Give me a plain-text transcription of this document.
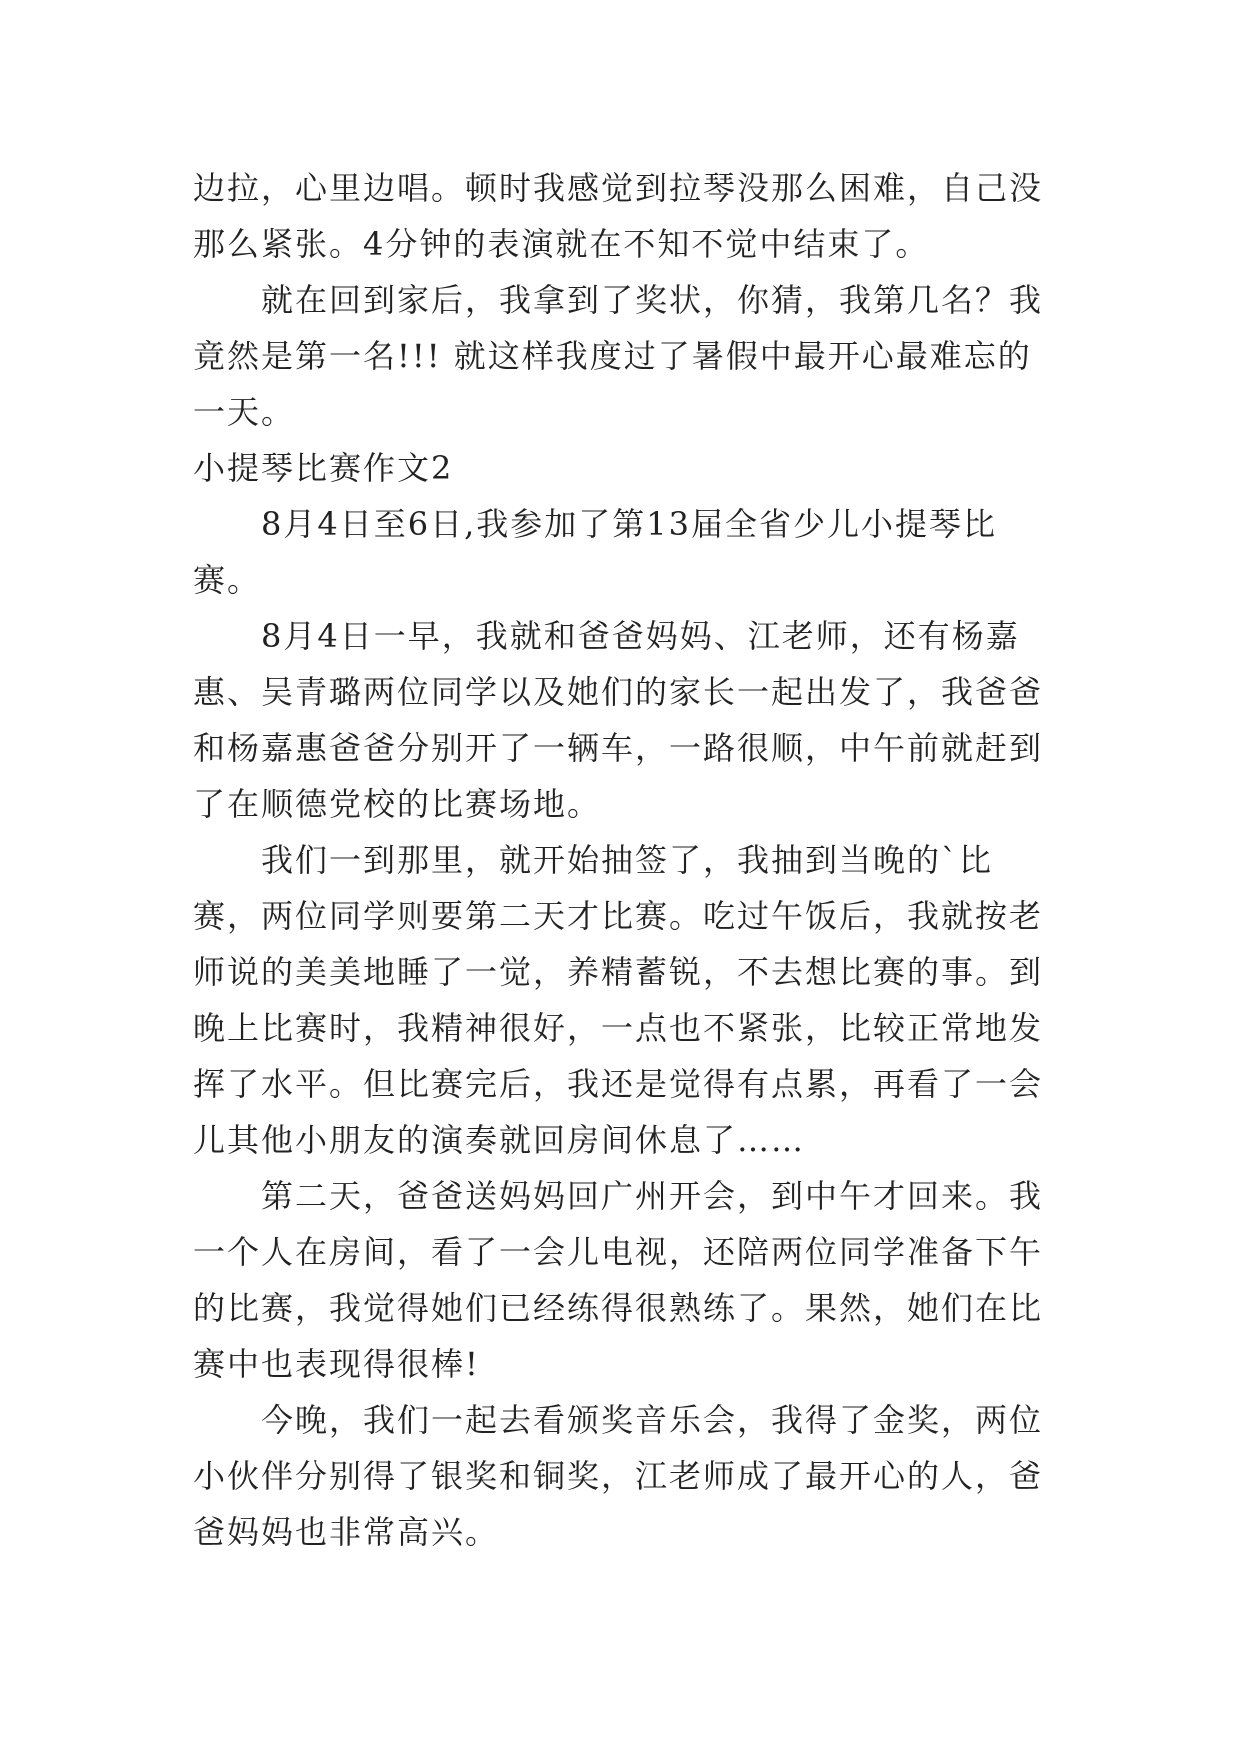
边拉，心里边唱。顿时我感觉到拉琴没那么困难，自己没那么紧张。4分钟的表演就在不知不觉中结束了。

就在回到家后，我拿到了奖状，你猜，我第几名？我竟然是第一名!!! 就这样我度过了暑假中最开心最难忘的一天。

小提琴比赛作文2

8月4日至6日,我参加了第13届全省少儿小提琴比赛。

8月4日一早，我就和爸爸妈妈、江老师，还有杨嘉惠、吴青璐两位同学以及她们的家长一起出发了，我爸爸和杨嘉惠爸爸分别开了一辆车，一路很顺，中午前就赶到了在顺德党校的比赛场地。

我们一到那里，就开始抽签了，我抽到当晚的`比赛，两位同学则要第二天才比赛。吃过午饭后，我就按老师说的美美地睡了一觉，养精蓄锐，不去想比赛的事。到晚上比赛时，我精神很好，一点也不紧张，比较正常地发挥了水平。但比赛完后，我还是觉得有点累，再看了一会儿其他小朋友的演奏就回房间休息了……

第二天，爸爸送妈妈回广州开会，到中午才回来。我一个人在房间，看了一会儿电视，还陪两位同学准备下午的比赛，我觉得她们已经练得很熟练了。果然，她们在比赛中也表现得很棒!

今晚，我们一起去看颁奖音乐会，我得了金奖，两位小伙伴分别得了银奖和铜奖，江老师成了最开心的人，爸爸妈妈也非常高兴。
